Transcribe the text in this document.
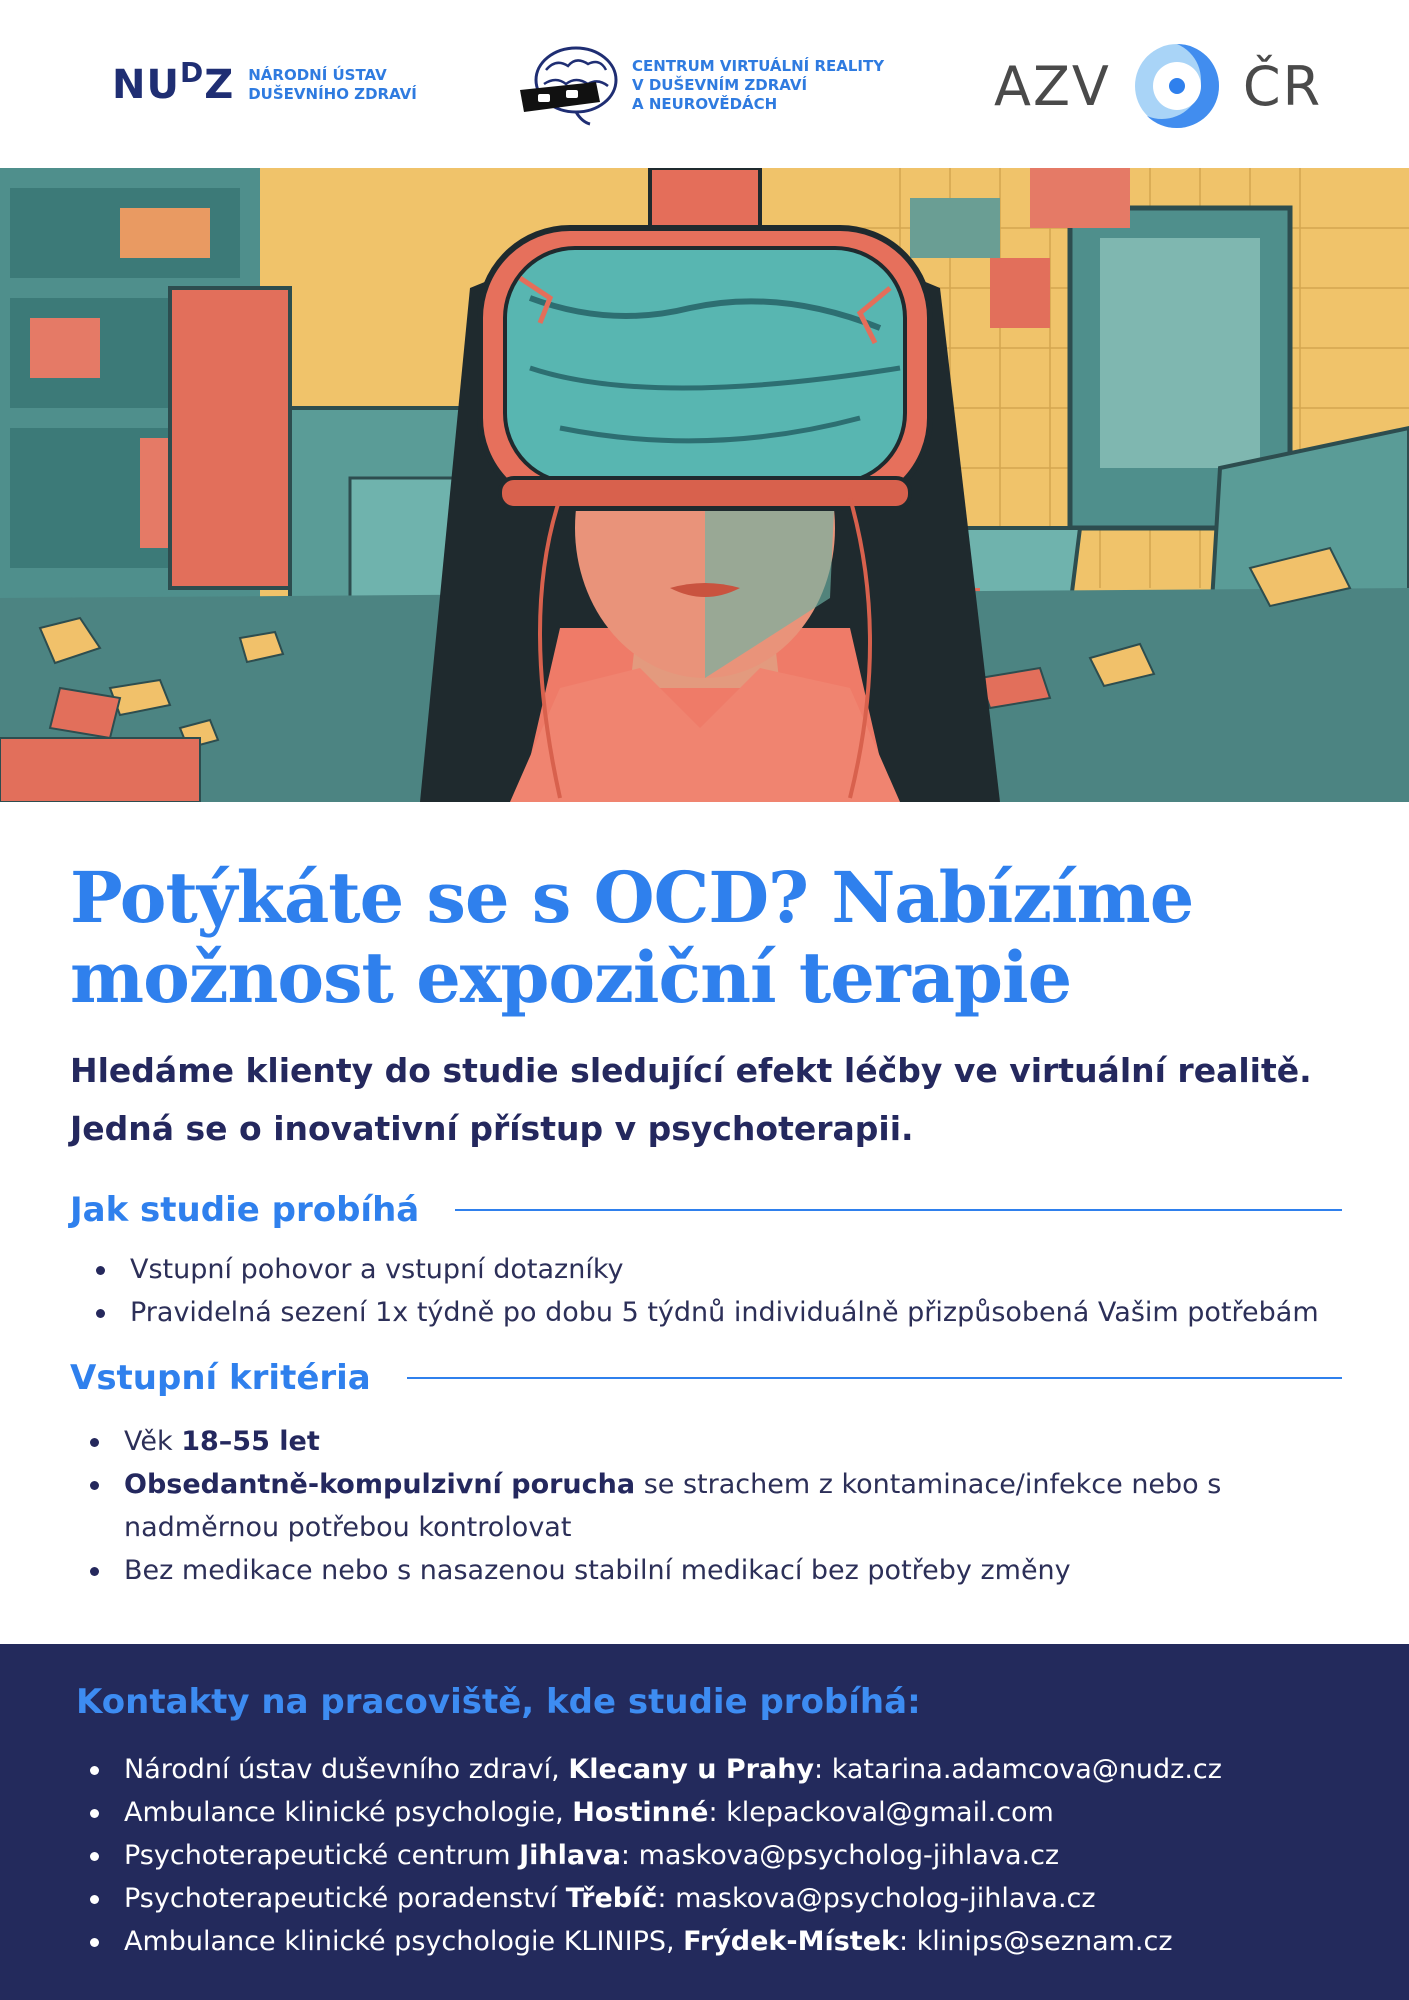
N U D Z NÁRODNÍ ÚSTAV
DUŠEVNÍHO ZDRAVÍ
CENTRUM VIRTUÁLNÍ REALITY
V DUŠEVNÍM ZDRAVÍ
A NEUROVĚDÁCH	AZV ČR
Potýkáte se s OCD? Nabízíme
možnost expoziční terapie
Hledáme klienty do studie sledující efekt léčby ve virtuální realitě.
Jedná se o inovativní přístup v psychoterapii.
Jak studie probíhá
Vstupní pohovor a vstupní dotazníky
Pravidelná sezení 1x týdně po dobu 5 týdnů individuálně přizpůsobená Vašim potřebám
Vstupní kritéria
Věk 18–55 let
Obsedantně-kompulzivní porucha se strachem z kontaminace/infekce nebo s
nadměrnou potřebou kontrolovat
Bez medikace nebo s nasazenou stabilní medikací bez potřeby změny
Kontakty na pracoviště, kde studie probíhá:
Národní ústav duševního zdraví, Klecany u Prahy: katarina.adamcova@nudz.cz
Ambulance klinické psychologie, Hostinné: klepackoval@gmail.com
Psychoterapeutické centrum Jihlava: maskova@psycholog-jihlava.cz
Psychoterapeutické poradenství Třebíč: maskova@psycholog-jihlava.cz
Ambulance klinické psychologie KLINIPS, Frýdek-Místek: klinips@seznam.cz
